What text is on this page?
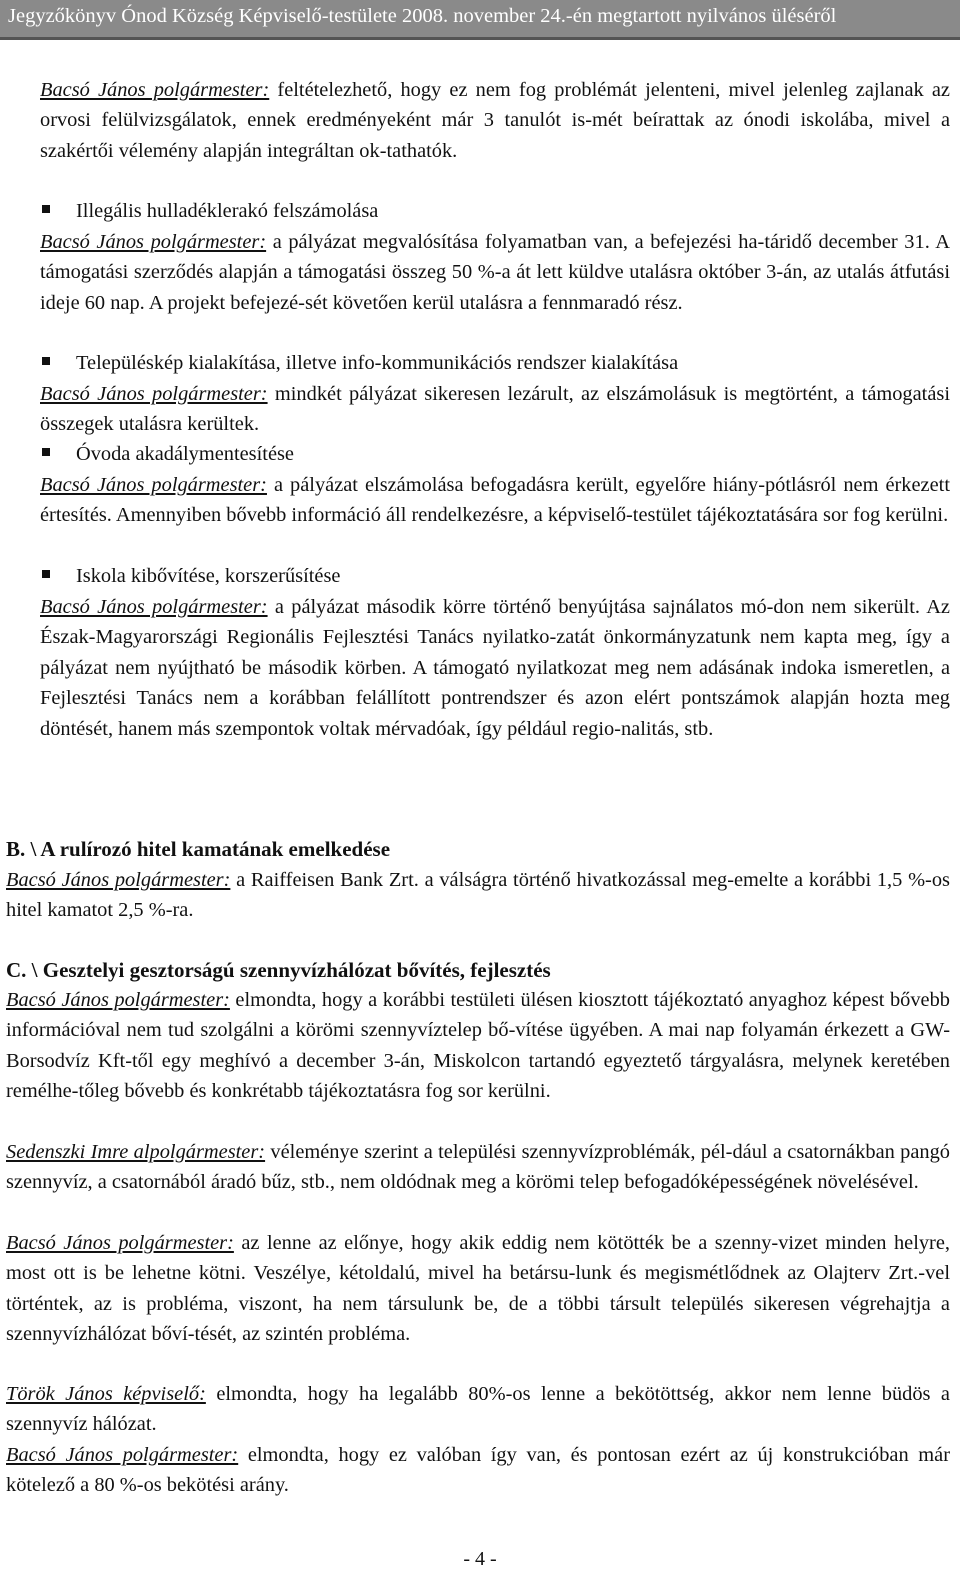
Jegyzőkönyv Ónod Község Képviselő-testülete 2008. november 24.-én megtartott nyilvános üléséről

Bacsó János polgármester: feltételezhető, hogy ez nem fog problémát jelenteni, mivel jelenleg zajlanak az orvosi felülvizsgálatok, ennek eredményeként már 3 tanulót is-mét beírattak az ónodi iskolába, mivel a szakértői vélemény alapján integráltan ok-tathatók.

Illegális hulladéklerakó felszámolása

Bacsó János polgármester: a pályázat megvalósítása folyamatban van, a befejezési ha-táridő december 31. A támogatási szerződés alapján a támogatási összeg 50 %-a át lett küldve utalásra október 3-án, az utalás átfutási ideje 60 nap. A projekt befejezé-sét követően kerül utalásra a fennmaradó rész.

Településkép kialakítása, illetve info-kommunikációs rendszer kialakítása

Bacsó János polgármester: mindkét pályázat sikeresen lezárult, az elszámolásuk is megtörtént, a támogatási összegek utalásra kerültek.

Óvoda akadálymentesítése

Bacsó János polgármester: a pályázat elszámolása befogadásra került, egyelőre hiány-pótlásról nem érkezett értesítés. Amennyiben bővebb információ áll rendelkezésre, a képviselő-testület tájékoztatására sor fog kerülni.

Iskola kibővítése, korszerűsítése

Bacsó János polgármester: a pályázat második körre történő benyújtása sajnálatos mó-don nem sikerült. Az Észak-Magyarországi Regionális Fejlesztési Tanács nyilatko-zatát önkormányzatunk nem kapta meg, így a pályázat nem nyújtható be második körben. A támogató nyilatkozat meg nem adásának indoka ismeretlen, a Fejlesztési Tanács nem a korábban felállított pontrendszer és azon elért pontszámok alapján hozta meg döntését, hanem más szempontok voltak mérvadóak, így például regio-nalitás, stb.

B. \ A rulírozó hitel kamatának emelkedése

Bacsó János polgármester: a Raiffeisen Bank Zrt. a válságra történő hivatkozással meg-emelte a korábbi 1,5 %-os hitel kamatot 2,5 %-ra.

C. \ Gesztelyi gesztorságú szennyvízhálózat bővítés, fejlesztés

Bacsó János polgármester: elmondta, hogy a korábbi testületi ülésen kiosztott tájékoztató anyaghoz képest bővebb információval nem tud szolgálni a körömi szennyvíztelep bő-vítése ügyében. A mai nap folyamán érkezett a GW-Borsodvíz Kft-től egy meghívó a december 3-án, Miskolcon tartandó egyeztető tárgyalásra, melynek keretében remélhe-tőleg bővebb és konkrétabb tájékoztatásra fog sor kerülni.

Sedenszki Imre alpolgármester: véleménye szerint a települési szennyvízproblémák, pél-dául a csatornákban pangó szennyvíz, a csatornából áradó bűz, stb., nem oldódnak meg a körömi telep befogadóképességének növelésével.

Bacsó János polgármester: az lenne az előnye, hogy akik eddig nem kötötték be a szenny-vizet minden helyre, most ott is be lehetne kötni. Veszélye, kétoldalú, mivel ha betársu-lunk és megismétlődnek az Olajterv Zrt.-vel történtek, az is probléma, viszont, ha nem társulunk be, de a többi társult település sikeresen végrehajtja a szennyvízhálózat bőví-tését, az szintén probléma.

Török János képviselő: elmondta, hogy ha legalább 80%-os lenne a bekötöttség, akkor nem lenne büdös a szennyvíz hálózat.

Bacsó János polgármester: elmondta, hogy ez valóban így van, és pontosan ezért az új konstrukcióban már kötelező a 80 %-os bekötési arány.

- 4 -
